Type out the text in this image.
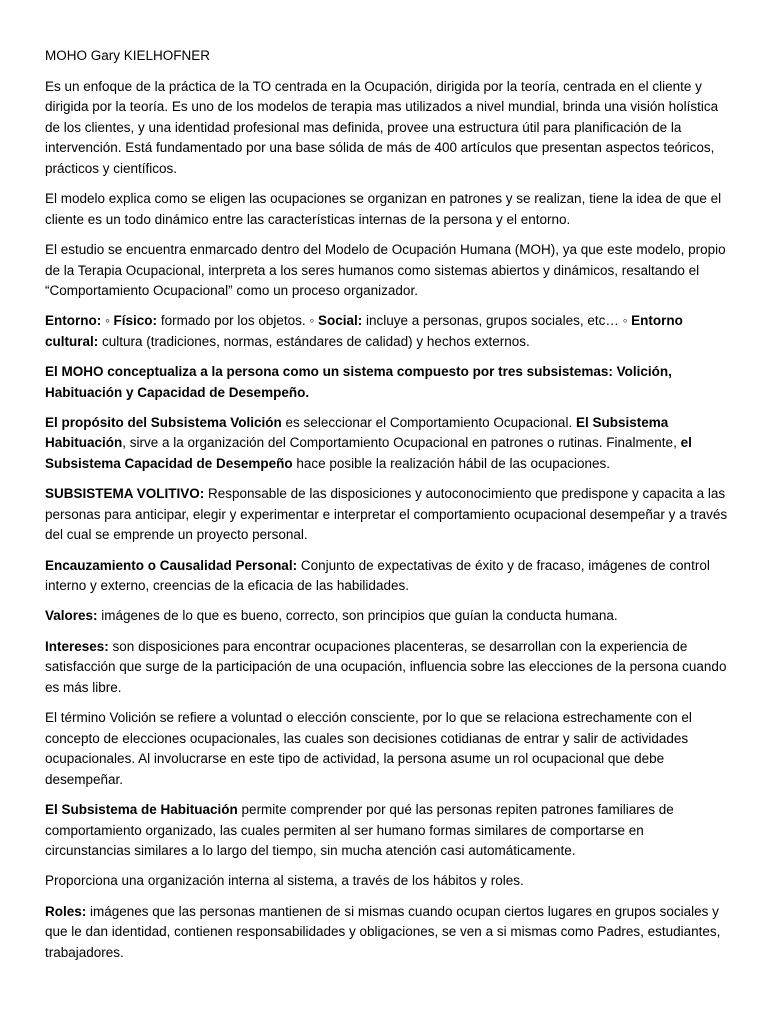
MOHO Gary KIELHOFNER

Es un enfoque de la práctica de la TO centrada en la Ocupación, dirigida por la teoría, centrada en el cliente y dirigida por la teoría. Es uno de los modelos de terapia mas utilizados a nivel mundial, brinda una visión holística de los clientes, y una identidad profesional mas definida, provee una estructura útil para planificación de la intervención. Está fundamentado por una base sólida de más de 400 artículos que presentan aspectos teóricos, prácticos y científicos.

El modelo explica como se eligen las ocupaciones se organizan en patrones y se realizan, tiene la idea de que el cliente es un todo dinámico entre las características internas de la persona y el entorno.

El estudio se encuentra enmarcado dentro del Modelo de Ocupación Humana (MOH), ya que este modelo, propio de la Terapia Ocupacional, interpreta a los seres humanos como sistemas abiertos y dinámicos, resaltando el “Comportamiento Ocupacional” como un proceso organizador.

Entorno: ◦ Físico: formado por los objetos. ◦ Social: incluye a personas, grupos sociales, etc… ◦ Entorno cultural: cultura (tradiciones, normas, estándares de calidad) y hechos externos.

El MOHO conceptualiza a la persona como un sistema compuesto por tres subsistemas: Volición, Habituación y Capacidad de Desempeño.

El propósito del Subsistema Volición es seleccionar el Comportamiento Ocupacional. El Subsistema Habituación, sirve a la organización del Comportamiento Ocupacional en patrones o rutinas. Finalmente, el Subsistema Capacidad de Desempeño hace posible la realización hábil de las ocupaciones.

SUBSISTEMA VOLITIVO: Responsable de las disposiciones y autoconocimiento que predispone y capacita a las personas para anticipar, elegir y experimentar e interpretar el comportamiento ocupacional desempeñar y a través del cual se emprende un proyecto personal.

Encauzamiento o Causalidad Personal: Conjunto de expectativas de éxito y de fracaso, imágenes de control interno y externo, creencias de la eficacia de las habilidades.

Valores: imágenes de lo que es bueno, correcto, son principios que guían la conducta humana.

Intereses: son disposiciones para encontrar ocupaciones placenteras, se desarrollan con la experiencia de satisfacción que surge de la participación de una ocupación, influencia sobre las elecciones de la persona cuando es más libre.

El término Volición se refiere a voluntad o elección consciente, por lo que se relaciona estrechamente con el concepto de elecciones ocupacionales, las cuales son decisiones cotidianas de entrar y salir de actividades ocupacionales. Al involucrarse en este tipo de actividad, la persona asume un rol ocupacional que debe desempeñar.

El Subsistema de Habituación permite comprender por qué las personas repiten patrones familiares de comportamiento organizado, las cuales permiten al ser humano formas similares de comportarse en circunstancias similares a lo largo del tiempo, sin mucha atención casi automáticamente.

Proporciona una organización interna al sistema, a través de los hábitos y roles.

Roles: imágenes que las personas mantienen de si mismas cuando ocupan ciertos lugares en grupos sociales y que le dan identidad, contienen responsabilidades y obligaciones, se ven a si mismas como Padres, estudiantes, trabajadores.
